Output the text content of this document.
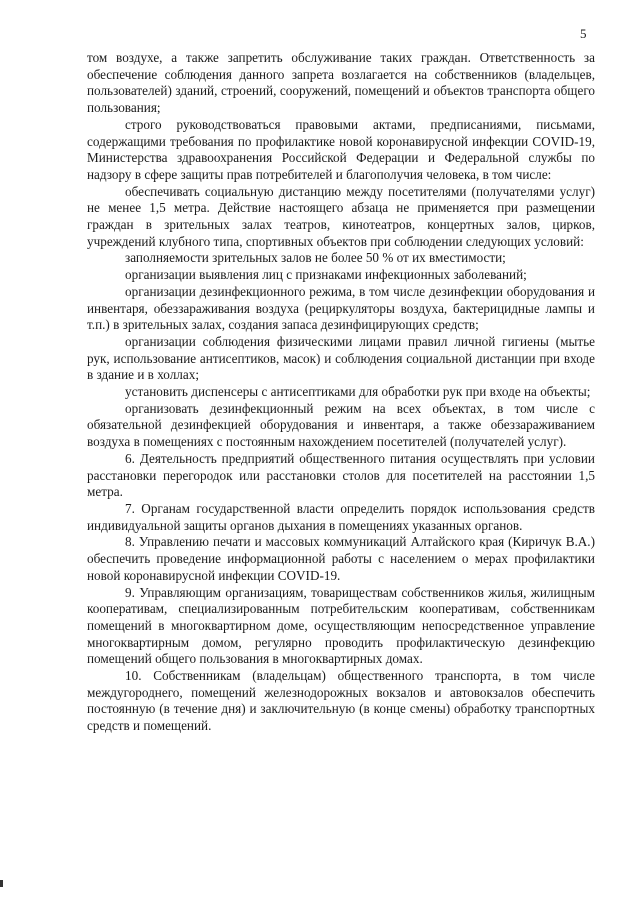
5

том воздухе, а также запретить обслуживание таких граждан. Ответственность за обеспечение соблюдения данного запрета возлагается на собственников (владельцев, пользователей) зданий, строений, сооружений, помещений и объектов транспорта общего пользования;

строго руководствоваться правовыми актами, предписаниями, письмами, содержащими требования по профилактике новой коронавирусной инфекции COVID-19, Министерства здравоохранения Российской Федерации и Федеральной службы по надзору в сфере защиты прав потребителей и благополучия человека, в том числе:

обеспечивать социальную дистанцию между посетителями (получателями услуг) не менее 1,5 метра. Действие настоящего абзаца не применяется при размещении граждан в зрительных залах театров, кинотеатров, концертных залов, цирков, учреждений клубного типа, спортивных объектов при соблюдении следующих условий:

заполняемости зрительных залов не более 50 % от их вместимости;

организации выявления лиц с признаками инфекционных заболеваний;

организации дезинфекционного режима, в том числе дезинфекции оборудования и инвентаря, обеззараживания воздуха (рециркуляторы воздуха, бактерицидные лампы и т.п.) в зрительных залах, создания запаса дезинфицирующих средств;

организации соблюдения физическими лицами правил личной гигиены (мытье рук, использование антисептиков, масок) и соблюдения социальной дистанции при входе в здание и в холлах;

установить диспенсеры с антисептиками для обработки рук при входе на объекты;

организовать дезинфекционный режим на всех объектах, в том числе с обязательной дезинфекцией оборудования и инвентаря, а также обеззараживанием воздуха в помещениях с постоянным нахождением посетителей (получателей услуг).

6. Деятельность предприятий общественного питания осуществлять при условии расстановки перегородок или расстановки столов для посетителей на расстоянии 1,5 метра.

7. Органам государственной власти определить порядок использования средств индивидуальной защиты органов дыхания в помещениях указанных органов.

8. Управлению печати и массовых коммуникаций Алтайского края (Киричук В.А.) обеспечить проведение информационной работы с населением о мерах профилактики новой коронавирусной инфекции COVID-19.

9. Управляющим организациям, товариществам собственников жилья, жилищным кооперативам, специализированным потребительским кооперативам, собственникам помещений в многоквартирном доме, осуществляющим непосредственное управление многоквартирным домом, регулярно проводить профилактическую дезинфекцию помещений общего пользования в многоквартирных домах.

10. Собственникам (владельцам) общественного транспорта, в том числе междугороднего, помещений железнодорожных вокзалов и автовокзалов обеспечить постоянную (в течение дня) и заключительную (в конце смены) обработку транспортных средств и помещений.
